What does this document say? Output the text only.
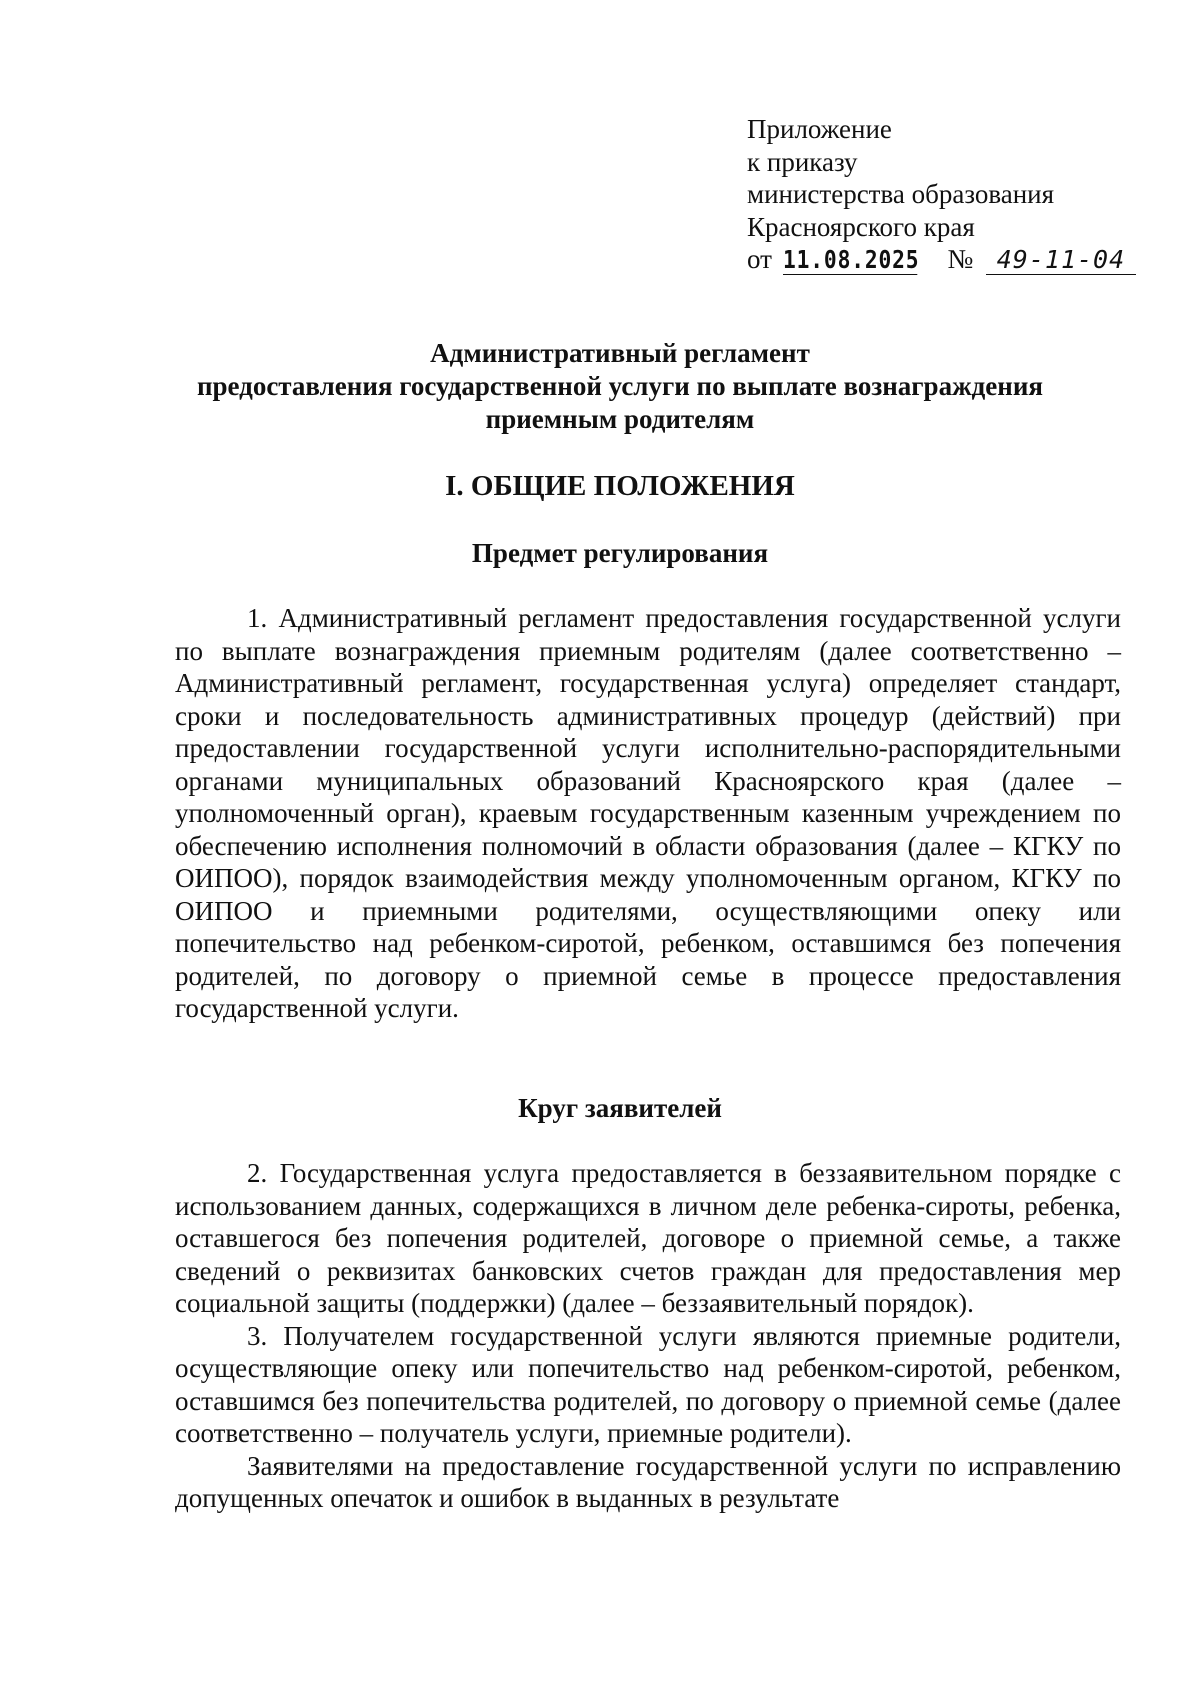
Приложение
к приказу
министерства образования
Красноярского края
от 11.08.2025 № 49-11-04
Административный регламент
предоставления государственной услуги по выплате вознаграждения
приемным родителям
I. ОБЩИЕ ПОЛОЖЕНИЯ
Предмет регулирования

1. Административный регламент предоставления государственной услуги по выплате вознаграждения приемным родителям (далее соответственно – Административный регламент, государственная услуга) определяет стандарт, сроки и последовательность административных процедур (действий) при предоставлении государственной услуги исполнительно-распорядительными органами муниципальных образований Красноярского края (далее – уполномоченный орган), краевым государственным казенным учреждением по обеспечению исполнения полномочий в области образования (далее – КГКУ по ОИПОО), порядок взаимодействия между уполномоченным органом, КГКУ по ОИПОО и приемными родителями, осуществляющими опеку или попечительство над ребенком-сиротой, ребенком, оставшимся без попечения родителей, по договору о приемной семье в процессе предоставления государственной услуги.

Круг заявителей

2. Государственная услуга предоставляется в беззаявительном порядке с использованием данных, содержащихся в личном деле ребенка-сироты, ребенка, оставшегося без попечения родителей, договоре о приемной семье, а также сведений о реквизитах банковских счетов граждан для предоставления мер социальной защиты (поддержки) (далее – беззаявительный порядок).

3. Получателем государственной услуги являются приемные родители, осуществляющие опеку или попечительство над ребенком-сиротой, ребенком, оставшимся без попечительства родителей, по договору о приемной семье (далее соответственно – получатель услуги, приемные родители).

Заявителями на предоставление государственной услуги по исправлению допущенных опечаток и ошибок в выданных в результате
